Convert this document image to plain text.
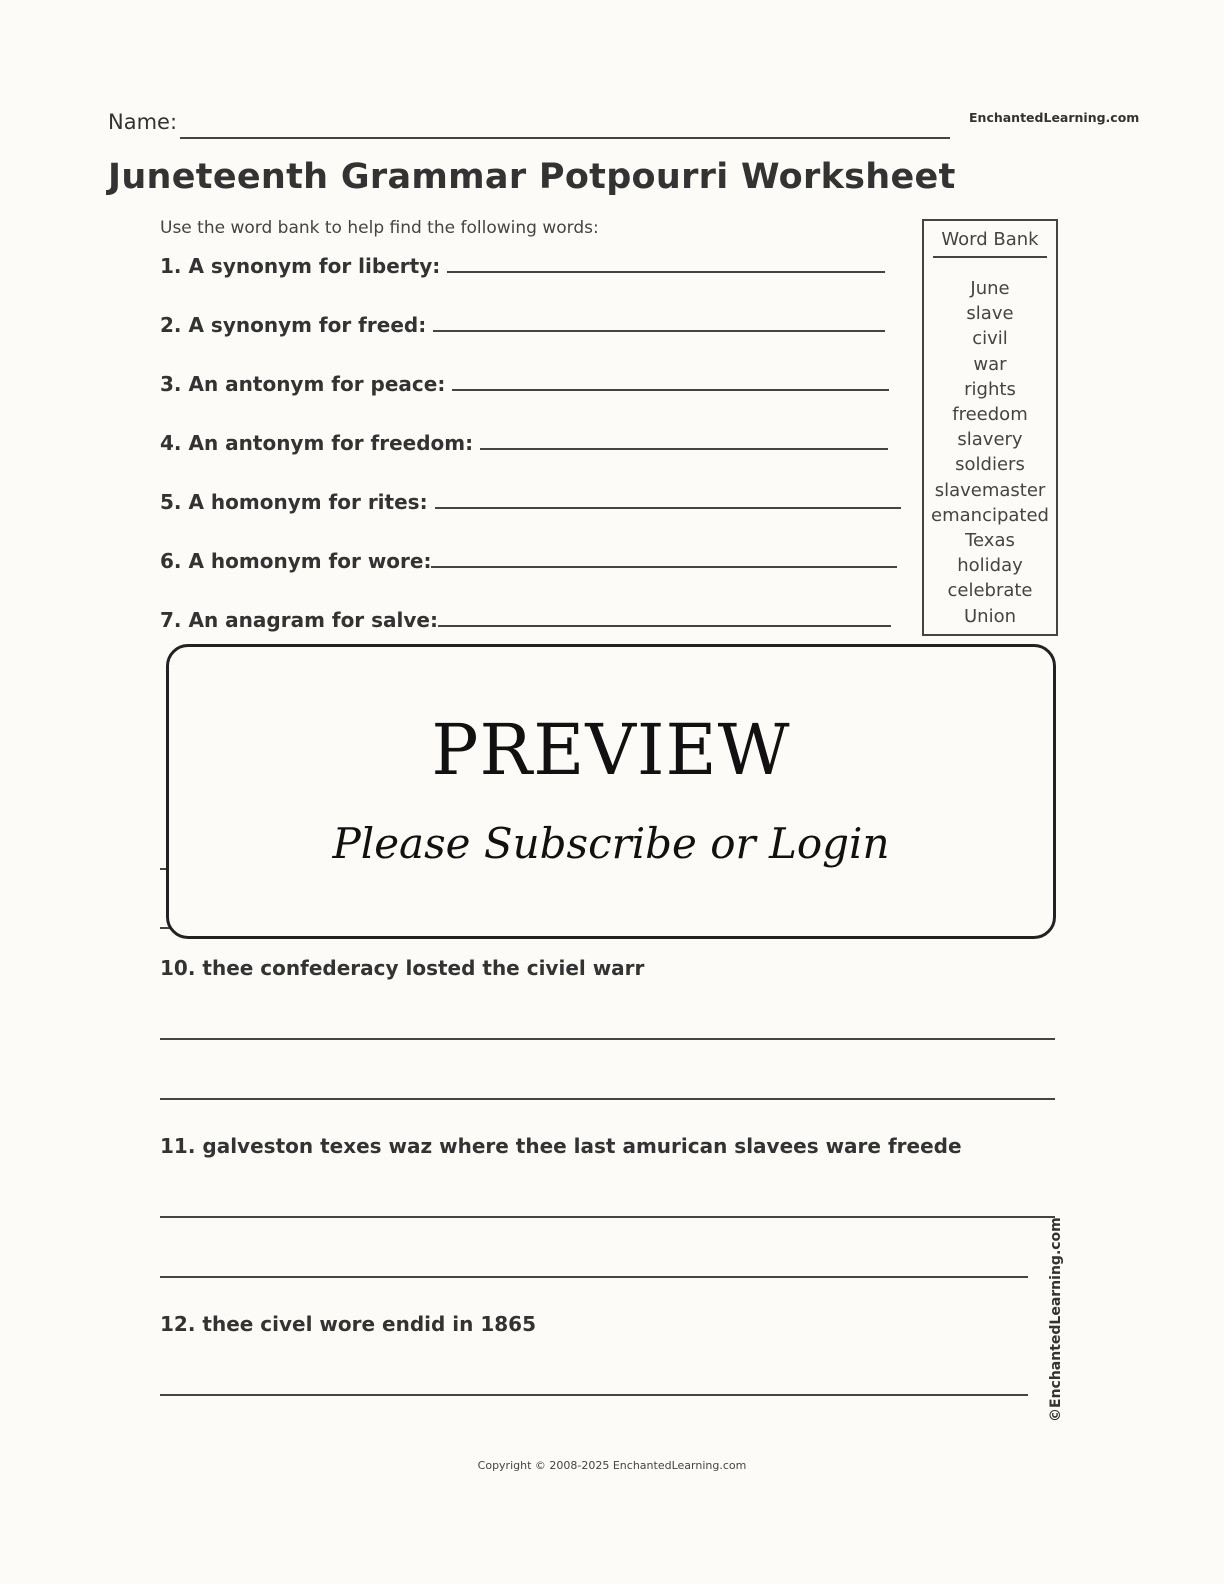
Name:	EnchantedLearning.com
Juneteenth Grammar Potpourri Worksheet
Use the word bank to help find the following words:
1. A synonym for liberty:
2. A synonym for freed:
3. An antonym for peace:
4. An antonym for freedom:
5. A homonym for rites:
6. A homonym for wore:
7. An anagram for salve:
Word Bank
June
slave
civil
war
rights
freedom
slavery
soldiers
slavemaster
emancipated
Texas
holiday
celebrate
Union
PREVIEW
Please Subscribe or Login
10. thee confederacy losted the civiel warr
11. galveston texes waz where thee last amurican slavees ware freede
12. thee civel wore endid in 1865	©EnchantedLearning.com
Copyright © 2008-2025 EnchantedLearning.com
